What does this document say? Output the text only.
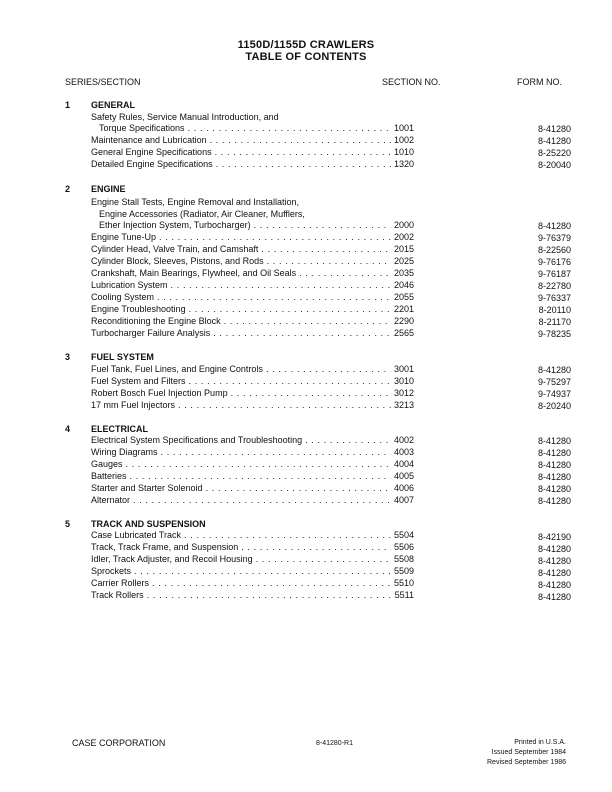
1150D/1155D CRAWLERS
TABLE OF CONTENTS
SERIES/SECTION	SECTION NO.	FORM NO.
1 GENERAL
Safety Rules, Service Manual Introduction, and
Torque Specifications . . .	1001	8-41280
Maintenance and Lubrication . . .	1002	8-41280
General Engine Specifications . . .	1010	8-25220
Detailed Engine Specifications . . .	1320	8-20040
2 ENGINE
Engine Stall Tests, Engine Removal and Installation,
Engine Accessories (Radiator, Air Cleaner, Mufflers,
Ether Injection System, Turbocharger) . . .	2000	8-41280
Engine Tune-Up . . .	2002	9-76379
Cylinder Head, Valve Train, and Camshaft . . .	2015	8-22560
Cylinder Block, Sleeves, Pistons, and Rods . . .	2025	9-76176
Crankshaft, Main Bearings, Flywheel, and Oil Seals . . .	2035	9-76187
Lubrication System . . .	2046	8-22780
Cooling System . . .	2055	9-76337
Engine Troubleshooting . . .	2201	8-20110
Reconditioning the Engine Block . . .	2290	8-21170
Turbocharger Failure Analysis . . .	2565	9-78235
3 FUEL SYSTEM
Fuel Tank, Fuel Lines, and Engine Controls . . .	3001	8-41280
Fuel System and Filters . . .	3010	9-75297
Robert Bosch Fuel Injection Pump . . .	3012	9-74937
17 mm Fuel Injectors . . .	3213	8-20240
4 ELECTRICAL
Electrical System Specifications and Troubleshooting . . .	4002	8-41280
Wiring Diagrams . . .	4003	8-41280
Gauges . . .	4004	8-41280
Batteries . . .	4005	8-41280
Starter and Starter Solenoid . . .	4006	8-41280
Alternator . . .	4007	8-41280
5 TRACK AND SUSPENSION
Case Lubricated Track . . .	5504	8-42190
Track, Track Frame, and Suspension . . .	5506	8-41280
Idler, Track Adjuster, and Recoil Housing . . .	5508	8-41280
Sprockets . . .	5509	8-41280
Carrier Rollers . . .	5510	8-41280
Track Rollers . . .	5511	8-41280
CASE CORPORATION	8-41280-R1	Printed in U.S.A.
Issued September 1984
Revised September 1986
